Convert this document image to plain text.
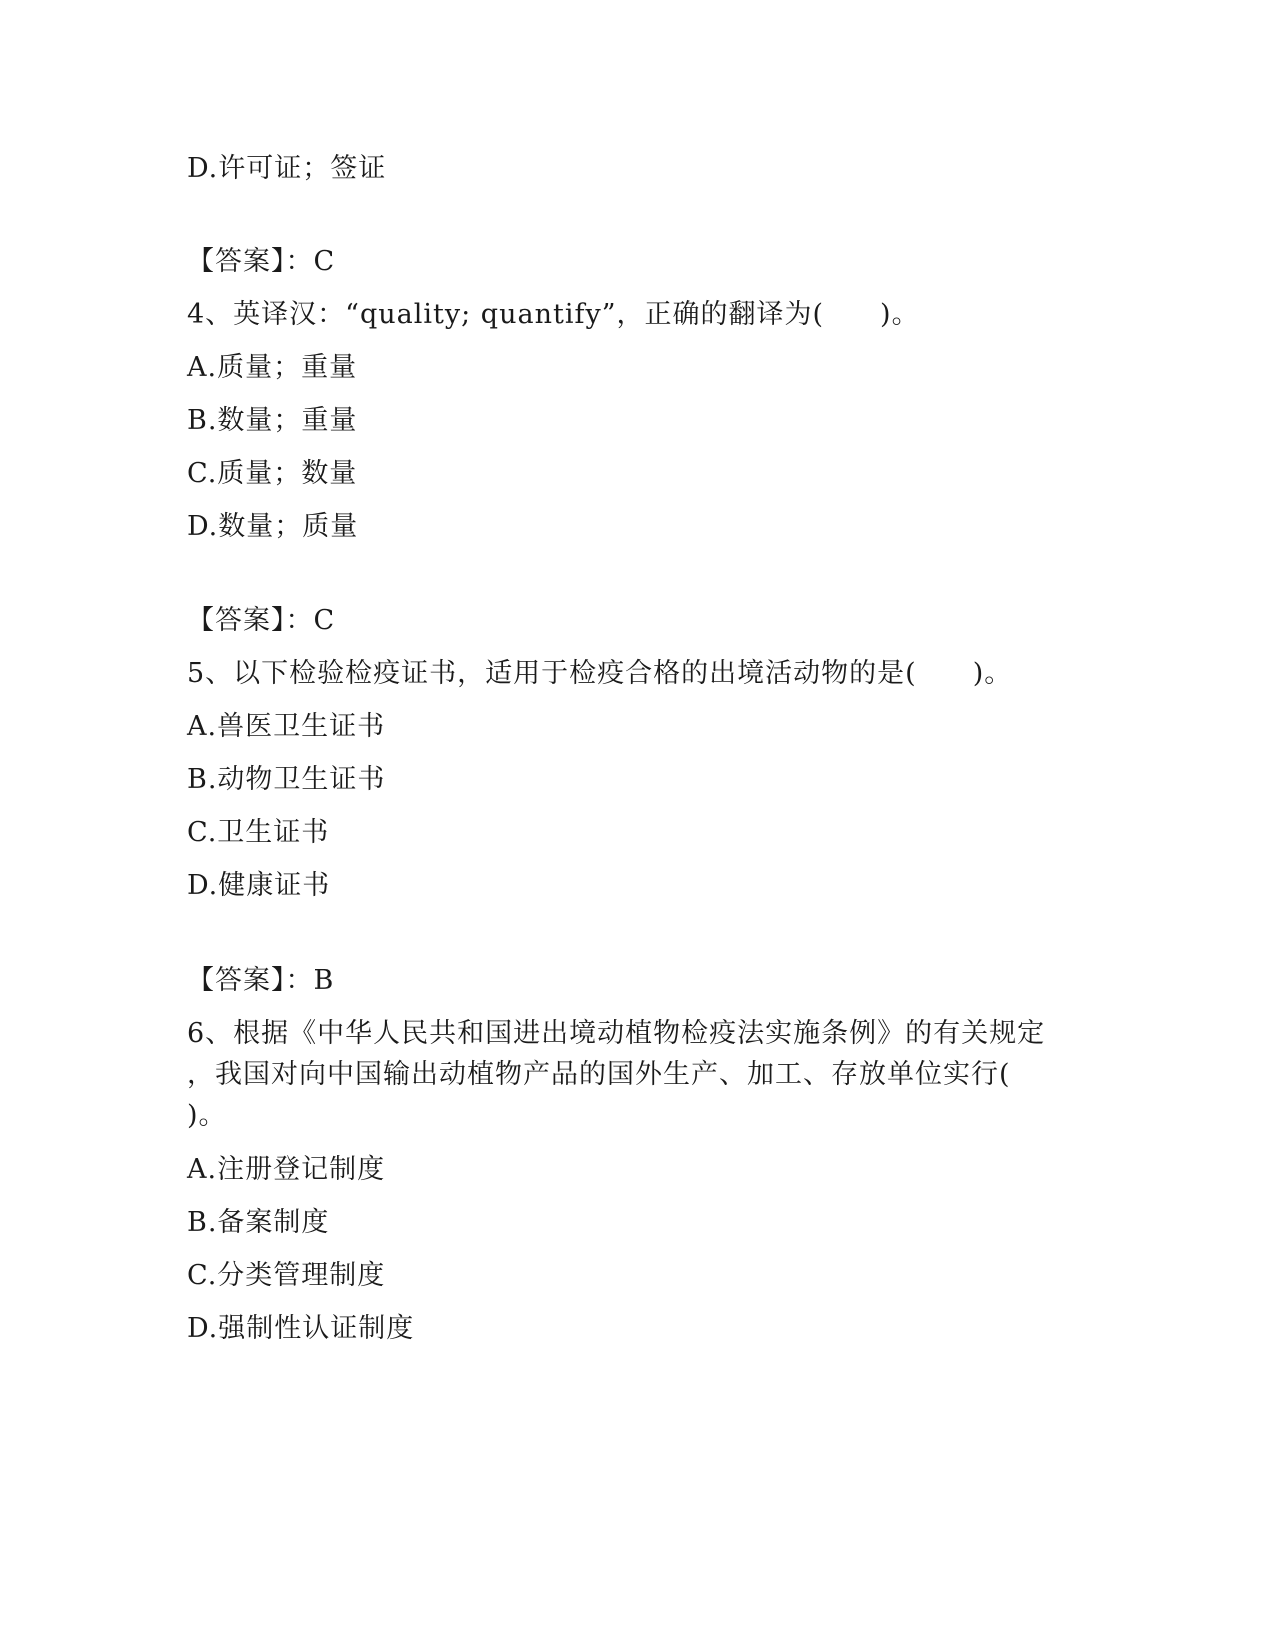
D.许可证；签证
【答案】：C
4、英译汉：“quality; quantify”，正确的翻译为(　　)。
A.质量；重量
B.数量；重量
C.质量；数量
D.数量；质量
【答案】：C
5、以下检验检疫证书，适用于检疫合格的出境活动物的是(　　)。
A.兽医卫生证书
B.动物卫生证书
C.卫生证书
D.健康证书
【答案】：B
6、根据《中华人民共和国进出境动植物检疫法实施条例》的有关规定
，我国对向中国输出动植物产品的国外生产、加工、存放单位实行(
)。
A.注册登记制度
B.备案制度
C.分类管理制度
D.强制性认证制度
